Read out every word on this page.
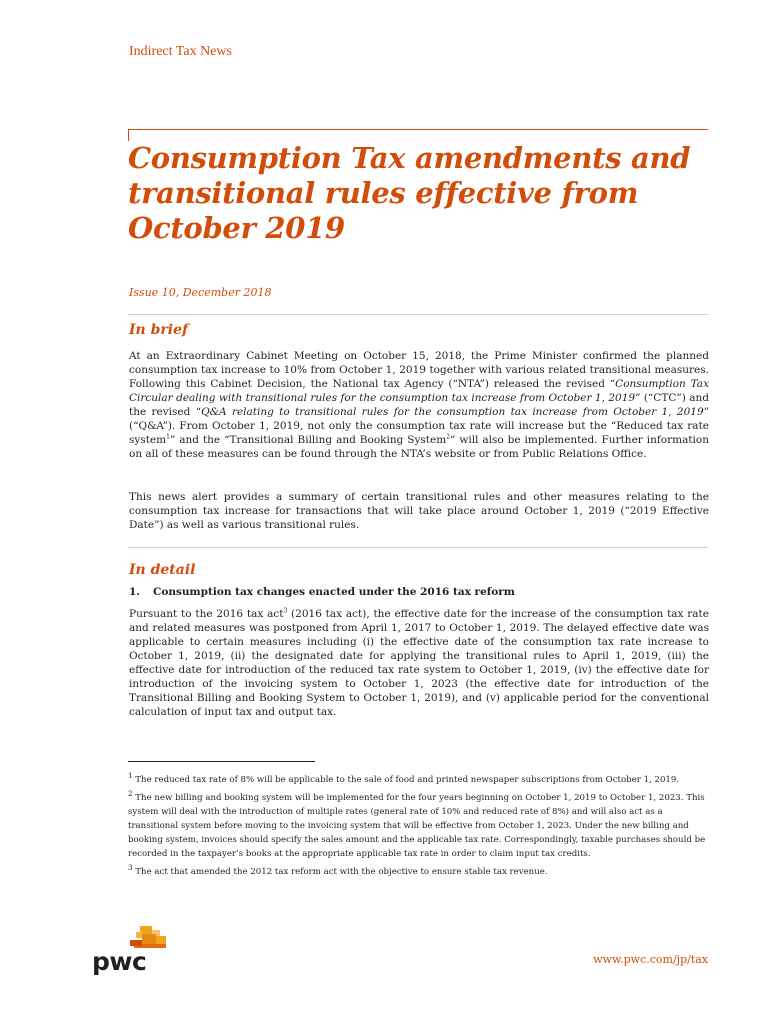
Indirect Tax News
Consumption Tax amendments and transitional rules effective from October 2019
Issue 10, December 2018
In brief

At an Extraordinary Cabinet Meeting on October 15, 2018, the Prime Minister confirmed the planned consumption tax increase to 10% from October 1, 2019 together with various related transitional measures. Following this Cabinet Decision, the National tax Agency (“NTA”) released the revised “Consumption Tax Circular dealing with transitional rules for the consumption tax increase from October 1, 2019” (“CTC”) and the revised “Q&A relating to transitional rules for the consumption tax increase from October 1, 2019” (“Q&A”). From October 1, 2019, not only the consumption tax rate will increase but the “Reduced tax rate system$^1$” and the “Transitional Billing and Booking System$^2$” will also be implemented. Further information on all of these measures can be found through the NTA’s website or from Public Relations Office.

This news alert provides a summary of certain transitional rules and other measures relating to the consumption tax increase for transactions that will take place around October 1, 2019 (“2019 Effective Date”) as well as various transitional rules.

In detail

1. Consumption tax changes enacted under the 2016 tax reform

Pursuant to the 2016 tax act$^3$ (2016 tax act), the effective date for the increase of the consumption tax rate and related measures was postponed from April 1, 2017 to October 1, 2019. The delayed effective date was applicable to certain measures including (i) the effective date of the consumption tax rate increase to October 1, 2019, (ii) the designated date for applying the transitional rules to April 1, 2019, (iii) the effective date for introduction of the reduced tax rate system to October 1, 2019, (iv) the effective date for introduction of the invoicing system to October 1, 2023 (the effective date for introduction of the Transitional Billing and Booking System to October 1, 2019), and (v) applicable period for the conventional calculation of input tax and output tax.

$^1$ The reduced tax rate of 8% will be applicable to the sale of food and printed newspaper subscriptions from October 1, 2019.

$^2$ The new billing and booking system will be implemented for the four years beginning on October 1, 2019 to October 1, 2023. This system will deal with the introduction of multiple rates (general rate of 10% and reduced rate of 8%) and will also act as a transitional system before moving to the invoicing system that will be effective from October 1, 2023. Under the new billing and booking system, invoices should specify the sales amount and the applicable tax rate. Correspondingly, taxable purchases should be recorded in the taxpayer’s books at the appropriate applicable tax rate in order to claim input tax credits.

$^3$ The act that amended the 2012 tax reform act with the objective to ensure stable tax revenue.

pwc	www.pwc.com/jp/tax
